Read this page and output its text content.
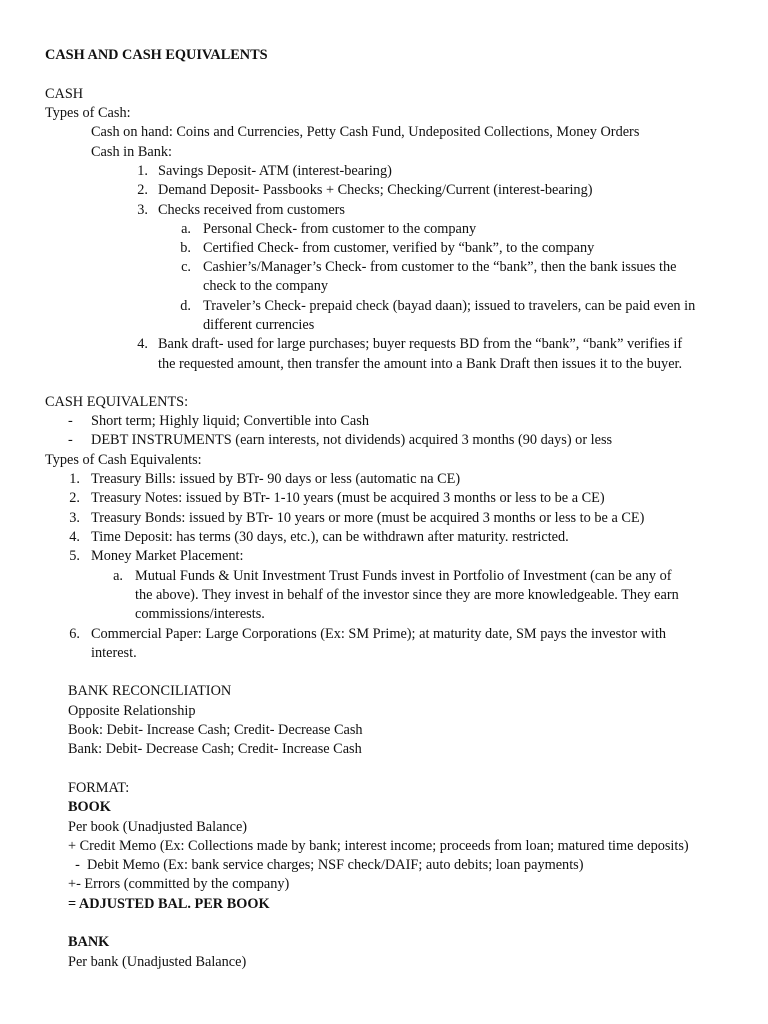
CASH AND CASH EQUIVALENTS
CASH
Types of Cash:
Cash on hand: Coins and Currencies, Petty Cash Fund, Undeposited Collections, Money Orders
Cash in Bank:
1. Savings Deposit- ATM (interest-bearing)
2. Demand Deposit- Passbooks + Checks; Checking/Current (interest-bearing)
3. Checks received from customers
a. Personal Check- from customer to the company
b. Certified Check- from customer, verified by “bank”, to the company
c. Cashier’s/Manager’s Check- from customer to the “bank”, then the bank issues the
check to the company
d. Traveler’s Check- prepaid check (bayad daan); issued to travelers, can be paid even in
different currencies
4. Bank draft- used for large purchases; buyer requests BD from the “bank”, “bank” verifies if
the requested amount, then transfer the amount into a Bank Draft then issues it to the buyer.
CASH EQUIVALENTS:
- Short term; Highly liquid; Convertible into Cash
- DEBT INSTRUMENTS (earn interests, not dividends) acquired 3 months (90 days) or less
Types of Cash Equivalents:
1. Treasury Bills: issued by BTr- 90 days or less (automatic na CE)
2. Treasury Notes: issued by BTr- 1-10 years (must be acquired 3 months or less to be a CE)
3. Treasury Bonds: issued by BTr- 10 years or more (must be acquired 3 months or less to be a CE)
4. Time Deposit: has terms (30 days, etc.), can be withdrawn after maturity. restricted.
5. Money Market Placement:
a. Mutual Funds & Unit Investment Trust Funds invest in Portfolio of Investment (can be any of
the above). They invest in behalf of the investor since they are more knowledgeable. They earn
commissions/interests.
6. Commercial Paper: Large Corporations (Ex: SM Prime); at maturity date, SM pays the investor with
interest.
BANK RECONCILIATION
Opposite Relationship
Book: Debit- Increase Cash; Credit- Decrease Cash
Bank: Debit- Decrease Cash; Credit- Increase Cash
FORMAT:
BOOK
Per book (Unadjusted Balance)
+ Credit Memo (Ex: Collections made by bank; interest income; proceeds from loan; matured time deposits)
-  Debit Memo (Ex: bank service charges; NSF check/DAIF; auto debits; loan payments)
+- Errors (committed by the company)
= ADJUSTED BAL. PER BOOK
BANK
Per bank (Unadjusted Balance)
